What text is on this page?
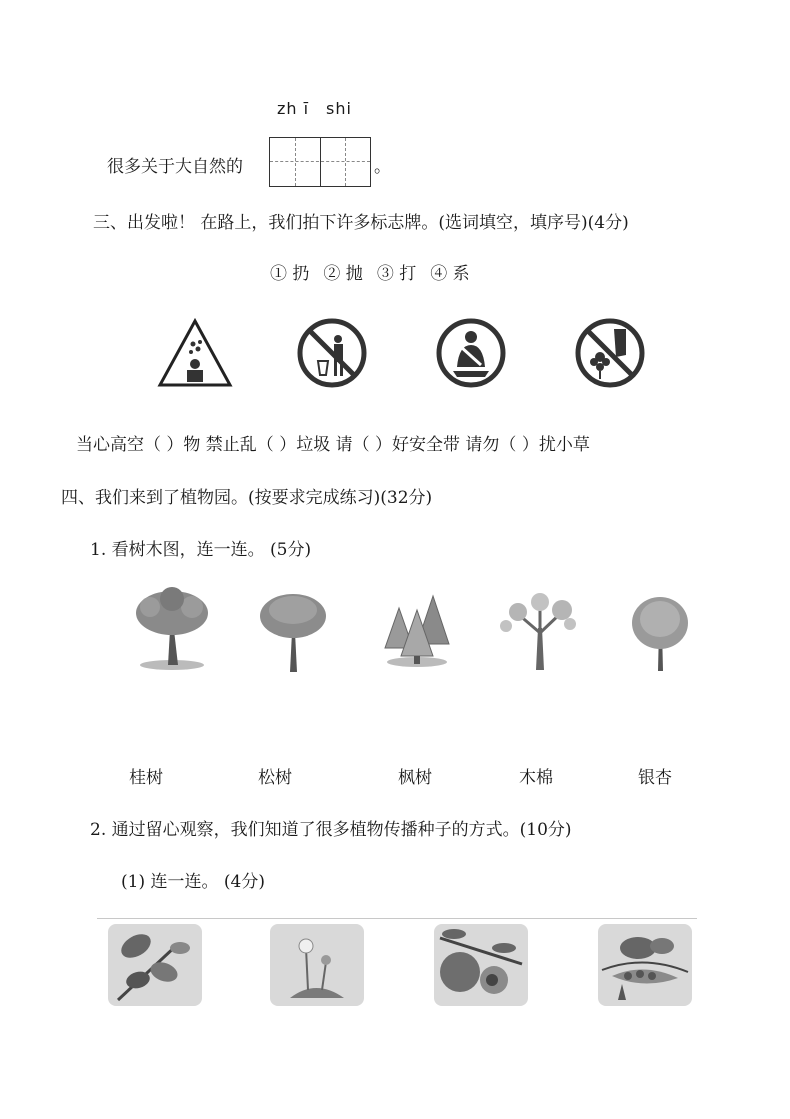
zh ī shi
很多关于大自然的	。
三、出发啦！ 在路上，我们拍下许多标志牌。(选词填空，填序号)(4分)
① 扔 ② 抛 ③ 打 ④ 系
当心高空（ ）物 禁止乱（ ）垃圾 请（ ）好安全带 请勿（ ）扰小草
四、我们来到了植物园。(按要求完成练习)(32分)
1. 看树木图，连一连。 (5分)
桂树	松树	枫树	木棉	银杏
2. 通过留心观察，我们知道了很多植物传播种子的方式。(10分)
(1) 连一连。 (4分)
